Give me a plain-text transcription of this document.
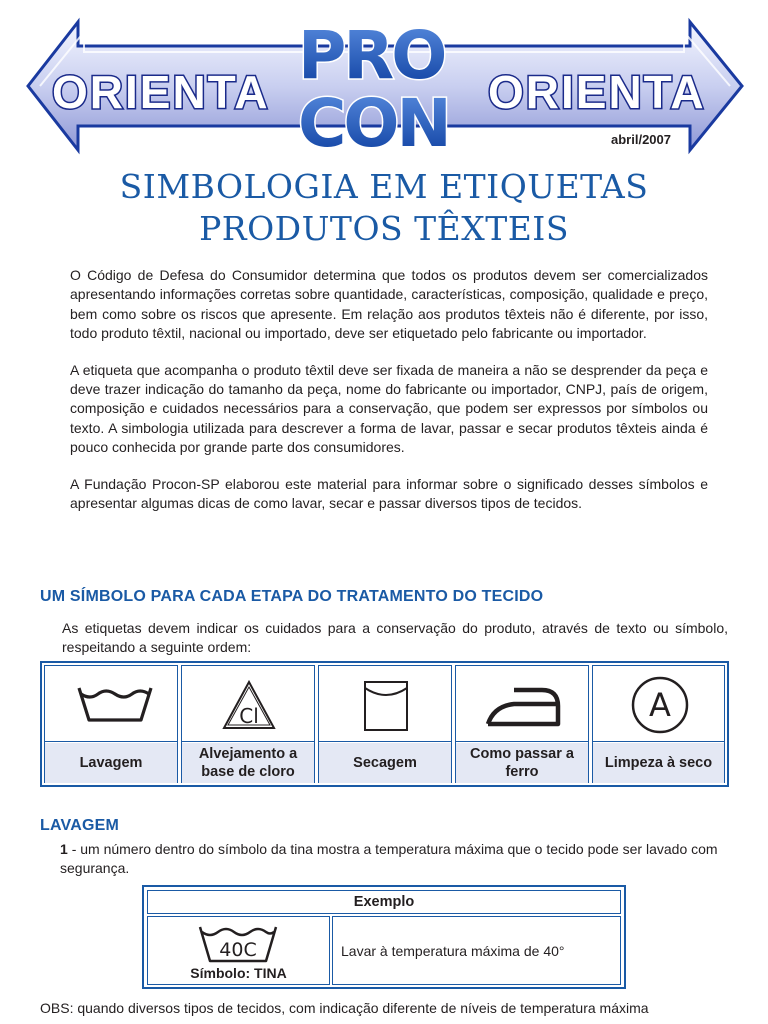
ORIENTA	ORIENTA
PRO
CON	abril/2007
SIMBOLOGIA EM ETIQUETAS
PRODUTOS TÊXTEIS

O Código de Defesa do Consumidor determina que todos os produtos devem ser comercializados apresentando informações corretas sobre quantidade, características, composição, qualidade e preço, bem como sobre os riscos que apresente. Em relação aos produtos têxteis não é diferente, por isso, todo produto têxtil, nacional ou importado, deve ser etiquetado pelo fabricante ou importador.

A etiqueta que acompanha o produto têxtil deve ser fixada de maneira a não se desprender da peça e deve trazer indicação do tamanho da peça, nome do fabricante ou importador, CNPJ, país de origem, composição e cuidados necessários para a conservação, que podem ser expressos por símbolos ou texto. A simbologia utilizada para descrever a forma de lavar, passar e secar produtos têxteis ainda é pouco conhecida por grande parte dos consumidores.

A Fundação Procon-SP elaborou este material para informar sobre o significado desses símbolos e apresentar algumas dicas de como lavar, secar e passar diversos tipos de tecidos.

UM SÍMBOLO PARA CADA ETAPA DO TRATAMENTO DO TECIDO
As etiquetas devem indicar os cuidados para a conservação do produto, através de texto ou símbolo, respeitando a seguinte ordem:
Lavagem
Cl
Alvejamento a base de cloro
Secagem
Como passar a ferro
A
Limpeza à seco
LAVAGEM
1 - um número dentro do símbolo da tina mostra a temperatura máxima que o tecido pode ser lavado com segurança.
Exemplo
40C
Símbolo: TINA
Lavar à temperatura máxima de 40°
OBS: quando diversos tipos de tecidos, com indicação diferente de níveis de temperatura máxima
